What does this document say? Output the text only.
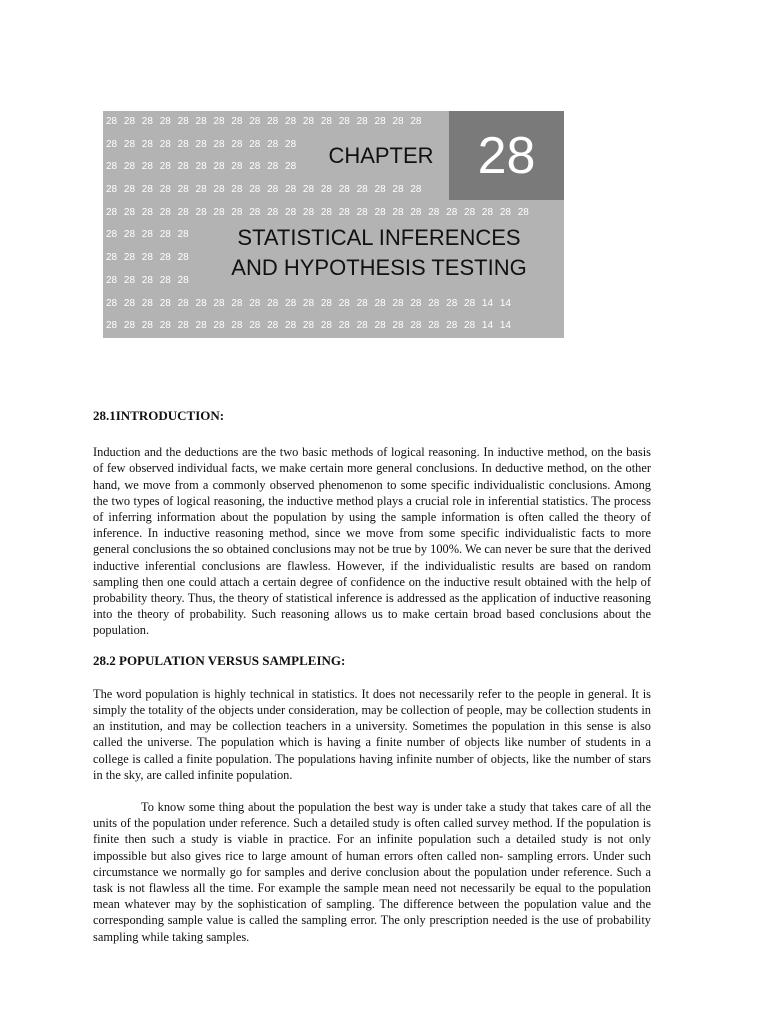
28 28 28 28 28 28 28 28 28 28 28 28 28 28 28 28 28 28
28 28 28 28 28 28 28 28 28 28 28
28 28 28 28 28 28 28 28 28 28 28
28 28 28 28 28 28 28 28 28 28 28 28 28 28 28 28 28 28
28 28 28 28 28 28 28 28 28 28 28 28 28 28 28 28 28 28 28 28 28 28 28 28
28 28 28 28 28
28 28 28 28 28
28 28 28 28 28
28 28 28 28 28 28 28 28 28 28 28 28 28 28 28 28 28 28 28 28 28 14 14
28 28 28 28 28 28 28 28 28 28 28 28 28 28 28 28 28 28 28 28 28 14 14
CHAPTER 28
STATISTICAL INFERENCES
AND HYPOTHESIS TESTING

28.1INTRODUCTION:

Induction and the deductions are the two basic methods of logical reasoning. In inductive method, on the basis of few observed individual facts, we make certain more general conclusions. In deductive method, on the other hand, we move from a commonly observed phenomenon to some specific individualistic conclusions. Among the two types of logical reasoning, the inductive method plays a crucial role in inferential statistics. The process of inferring information about the population by using the sample information is often called the theory of inference. In inductive reasoning method, since we move from some specific individualistic facts to more general conclusions the so obtained conclusions may not be true by 100%. We can never be sure that the derived inductive inferential conclusions are flawless. However, if the individualistic results are based on random sampling then one could attach a certain degree of confidence on the inductive result obtained with the help of probability theory. Thus, the theory of statistical inference is addressed as the application of inductive reasoning into the theory of probability. Such reasoning allows us to make certain broad based conclusions about the population.

28.2 POPULATION VERSUS SAMPLEING:

The word population is highly technical in statistics. It does not necessarily refer to the people in general. It is simply the totality of the objects under consideration, may be collection of people, may be collection students in an institution, and may be collection teachers in a university. Sometimes the population in this sense is also called the universe. The population which is having a finite number of objects like number of students in a college is called a finite population. The populations having infinite number of objects, like the number of stars in the sky, are called infinite population.

To know some thing about the population the best way is under take a study that takes care of all the units of the population under reference. Such a detailed study is often called survey method. If the population is finite then such a study is viable in practice. For an infinite population such a detailed study is not only impossible but also gives rice to large amount of human errors often called non- sampling errors. Under such circumstance we normally go for samples and derive conclusion about the population under reference. Such a task is not flawless all the time. For example the sample mean need not necessarily be equal to the population mean whatever may by the sophistication of sampling. The difference between the population value and the corresponding sample value is called the sampling error. The only prescription needed is the use of probability sampling while taking samples.
